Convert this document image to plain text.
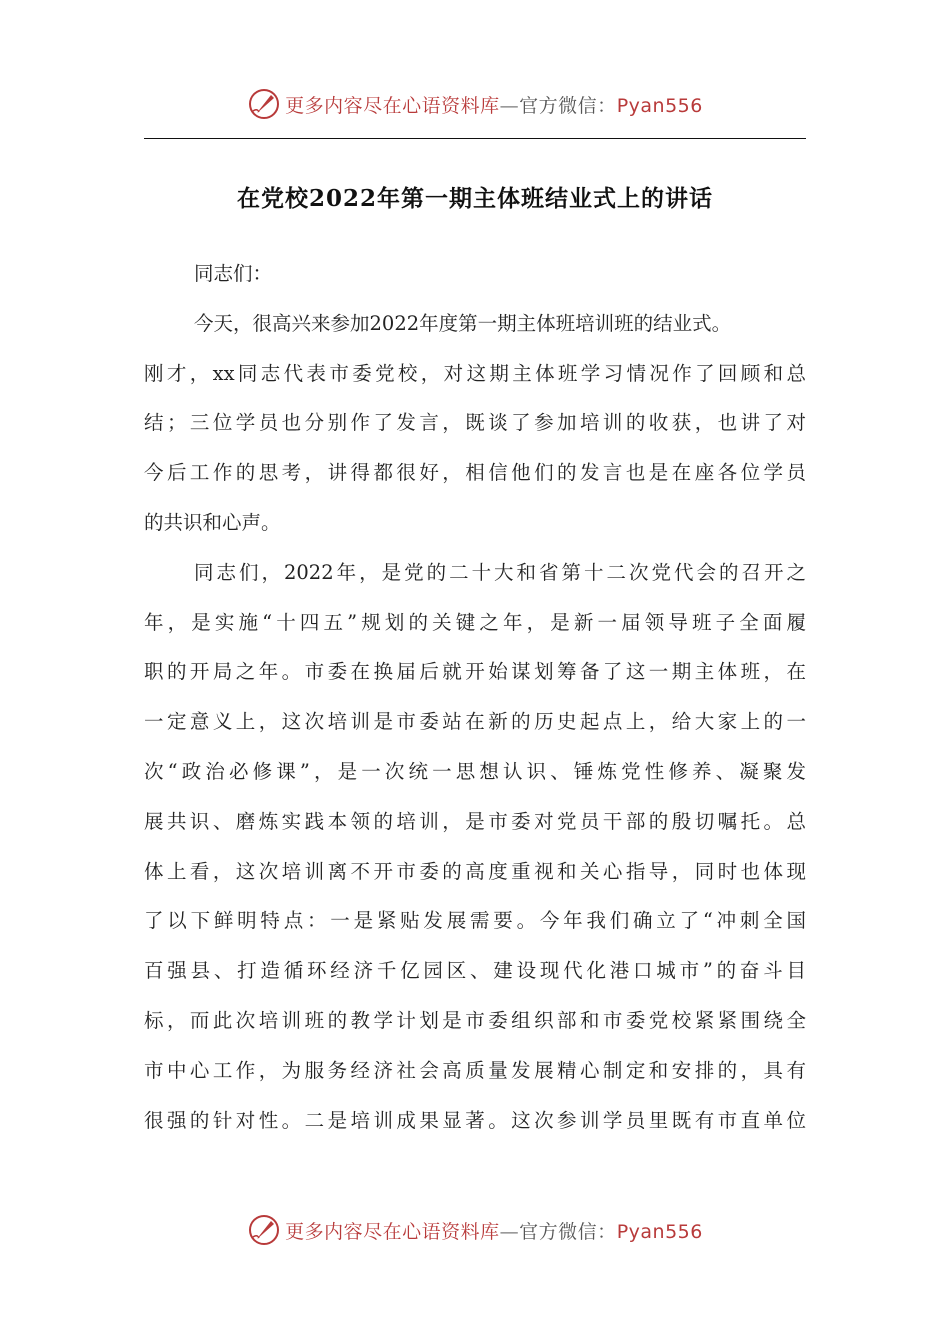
更多内容尽在心语资料库—官方微信：Pyan556
在党校2022年第一期主体班结业式上的讲话
同志们：
今天，很高兴来参加2022年度第一期主体班培训班的结业式。
刚才，xx同志代表市委党校，对这期主体班学习情况作了回顾和总
结；三位学员也分别作了发言，既谈了参加培训的收获，也讲了对
今后工作的思考，讲得都很好，相信他们的发言也是在座各位学员
的共识和心声。
同志们，2022年，是党的二十大和省第十二次党代会的召开之
年，是实施“十四五”规划的关键之年，是新一届领导班子全面履
职的开局之年。市委在换届后就开始谋划筹备了这一期主体班，在
一定意义上，这次培训是市委站在新的历史起点上，给大家上的一
次“政治必修课”，是一次统一思想认识、锤炼党性修养、凝聚发
展共识、磨炼实践本领的培训，是市委对党员干部的殷切嘱托。总
体上看，这次培训离不开市委的高度重视和关心指导，同时也体现
了以下鲜明特点：一是紧贴发展需要。今年我们确立了“冲刺全国
百强县、打造循环经济千亿园区、建设现代化港口城市”的奋斗目
标，而此次培训班的教学计划是市委组织部和市委党校紧紧围绕全
市中心工作，为服务经济社会高质量发展精心制定和安排的，具有
很强的针对性。二是培训成果显著。这次参训学员里既有市直单位
更多内容尽在心语资料库—官方微信：Pyan556
